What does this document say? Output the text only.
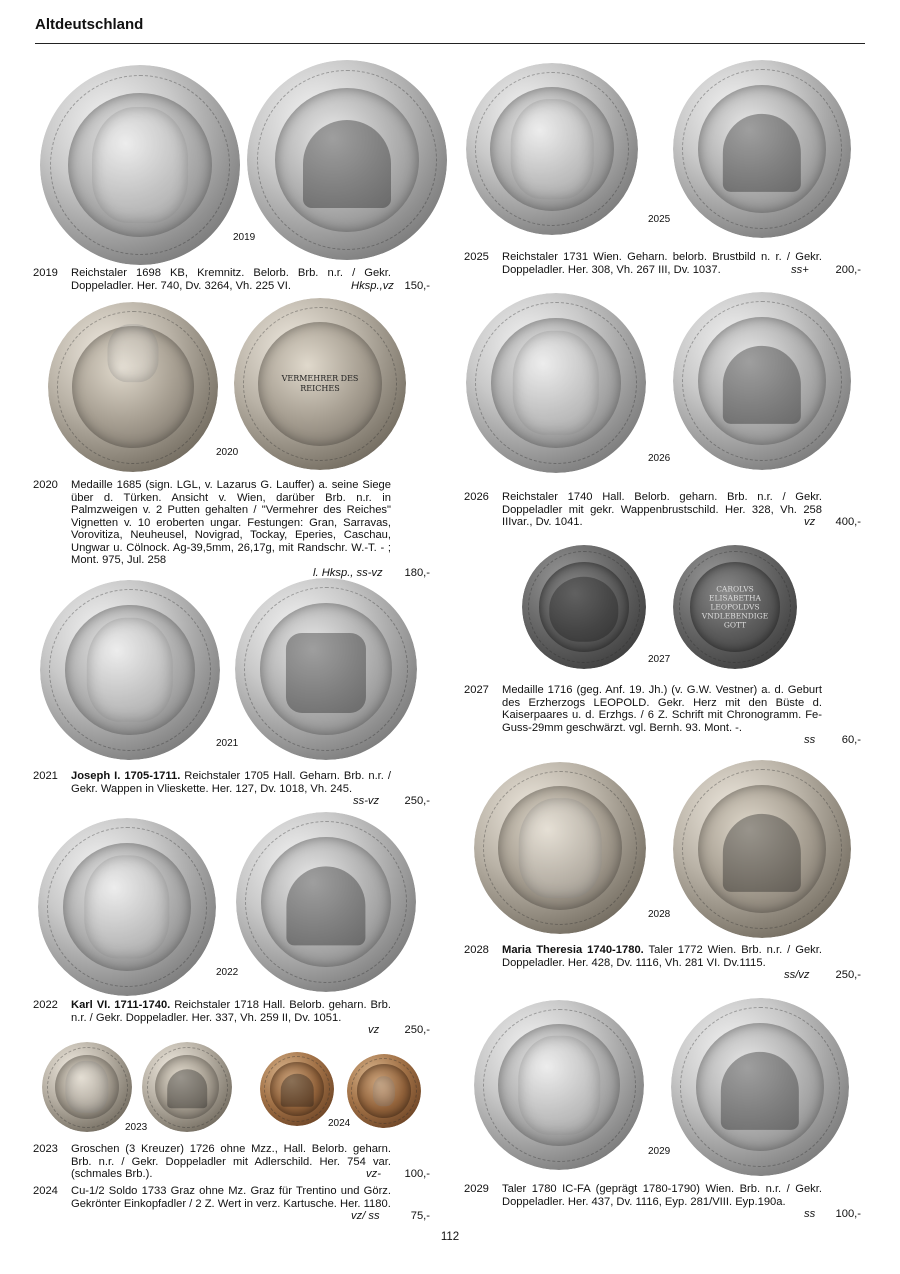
Altdeutschland
2019
2019 Reichstaler 1698 KB, Kremnitz. Belorb. Brb. n.r. / Gekr. Doppeladler. Her. 740, Dv. 3264, Vh. 225 VI.	Hksp.,vz 150,-
VERMEHRER DES REICHES
2020
2020 Medaille 1685 (sign. LGL, v. Lazarus G. Lauffer) a. seine Siege über d. Türken. Ansicht v. Wien, darüber Brb. n.r. in Palmzweigen v. 2 Putten gehalten / "Vermehrer des Reiches" Vignetten v. 10 eroberten ungar. Festungen: Gran, Sarravas, Vorovitiza, Neuheusel, Novigrad, Tockay, Eperies, Caschau, Ungwar u. Cölnock. Ag-39,5mm, 26,17g, mit Randschr. W.-T. - ; Mont. 975, Jul. 258
l. Hksp., ss-vz	180,-
2021
2021 Joseph I. 1705-1711. Reichstaler 1705 Hall. Geharn. Brb. n.r. / Gekr. Wappen in Vlieskette. Her. 127, Dv. 1018, Vh. 245.
ss-vz	250,-
2022
2022 Karl VI. 1711-1740. Reichstaler 1718 Hall. Belorb. geharn. Brb. n.r. / Gekr. Doppeladler. Her. 337, Vh. 259 II, Dv. 1051.
vz	250,-
2023	2024
2023 Groschen (3 Kreuzer) 1726 ohne Mzz., Hall. Belorb. geharn. Brb. n.r. / Gekr. Doppeladler mit Adlerschild. Her. 754 var. (schmales Brb.).	vz-	100,-
2024 Cu-1/2 Soldo 1733 Graz ohne Mz. Graz für Trentino und Görz. Gekrönter Einkopfadler / 2 Z. Wert in verz. Kartusche. Her. 1180.
vz/ ss	75,-
2025
2025 Reichstaler 1731 Wien. Geharn. belorb. Brustbild n. r. / Gekr. Doppeladler. Her. 308, Vh. 267 III, Dv. 1037.	ss+	200,-
2026
2026 Reichstaler 1740 Hall. Belorb. geharn. Brb. n.r. / Gekr. Doppeladler mit gekr. Wappenbrustschild. Her. 328, Vh. 258 IIIvar., Dv. 1041.	vz	400,-
CAROLVS ELISABETHA LEOPOLDVS VNDLEBENDIGE GOTT
2027
2027 Medaille 1716 (geg. Anf. 19. Jh.) (v. G.W. Vestner) a. d. Geburt des Erzherzogs LEOPOLD. Gekr. Herz mit den Büste d. Kaiserpaares u. d. Erzhgs. / 6 Z. Schrift mit Chronogramm. Fe-Guss-29mm geschwärzt. vgl. Bernh. 93. Mont. -.
ss	60,-
2028
2028 Maria Theresia 1740-1780. Taler 1772 Wien. Brb. n.r. / Gekr. Doppeladler. Her. 428, Dv. 1116, Vh. 281 VI. Dv.1115.
ss/vz	250,-
2029
2029 Taler 1780 IC-FA (geprägt 1780-1790) Wien. Brb. n.r. / Gekr. Doppeladler. Her. 437, Dv. 1116, Eyp. 281/VIII. Eyp.190a.
ss	100,-
112
